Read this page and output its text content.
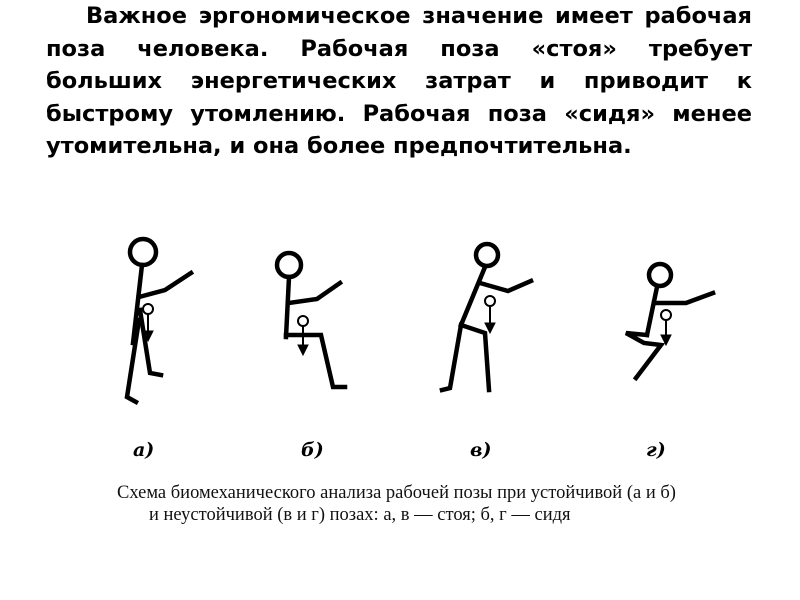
Важное эргономическое значение имеет рабочая поза человека. Рабочая поза «стоя» требует больших энергетических затрат и приводит к быстрому утомлению. Рабочая поза «сидя» менее утомительна, и она более предпочтительна.

а)	б)	в)	г)
Схема биомеханического анализа рабочей позы при устойчивой (а и б)
и неустойчивой (в и г) позах: а, в — стоя; б, г — сидя
